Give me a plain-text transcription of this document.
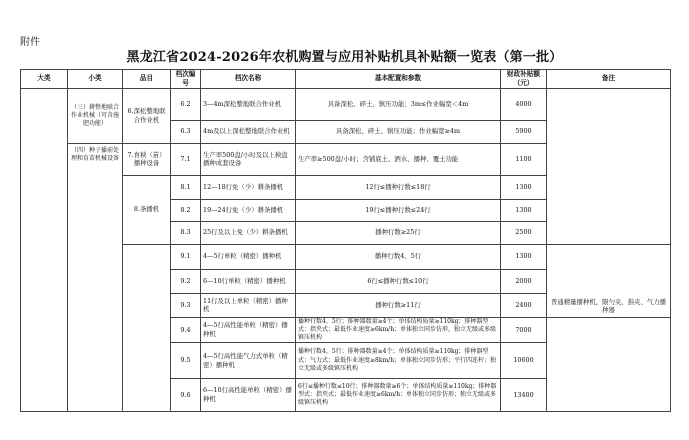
附件
黑龙江省2024-2026年农机购置与应用补贴机具补贴额一览表（第一批）
大类	小类	品目	档次编号	档次名称	基本配置和参数	财政补贴额（元）	备注
	（三）耕整地联合作业机械（可含施肥功能）	6.深松整地联合作业机	6.2	3—4m深松整地联合作业机	具备深松、碎土、镇压功能；3m≤作业幅宽＜4m	4000	
			6.3	4m及以上深松整地联合作业机	具备深松、碎土、镇压功能；作业幅宽≥4m	5900	
	（四）种子播前处理和育苗机械设备	7.育秧（苗）播种设备	7.1	生产率500盘/小时及以上秧盘播种成套设备	生产率≥500盘/小时；含铺底土、洒水、播种、覆土功能	1100	
		8.条播机	8.1	12—18行免（少）耕条播机	12行≤播种行数≤18行	1300	
			8.2	19—24行免（少）耕条播机	19行≤播种行数≤24行	1300	
			8.3	25行及以上免（少）耕条播机	播种行数≥25行	2500	
			9.1	4—5行单粒（精密）播种机	播种行数4、5行	1300	普通精量播种机，限勺夹、指夹、气力播种器
			9.2	6—10行单粒（精密）播种机	6行≤播种行数≤10行	2000	
			9.3	11行及以上单粒（精密）播种机	播种行数≥11行	2400	
			9.4	4—5行高性能单粒（精密）播种机	播种行数4、5行；排种器数量≥4个；单体结构质量≥110kg；排种器型式：指夹式；最低作业速度≥6km/h；单体独立同步仿形，独立无级或多级镇压机构	7000	
			9.5	4—5行高性能气力式单粒（精密）播种机	播种行数4、5行；排种器数量≥4个；单体结构质量≥110kg；排种器型式：气力式；最低作业速度≥8km/h；单体独立同步仿形；平行四连杆；独立无级或多级镇压机构	10600	
			9.6	6—10行高性能单粒（精密）播种机	6行≤播种行数≤10行；排种器数量≥6个；单体结构质量≥110kg；排种器型式：指夹式；最低作业速度≥6km/h；单体独立同步仿形；独立无级或多级镇压机构	13400	
